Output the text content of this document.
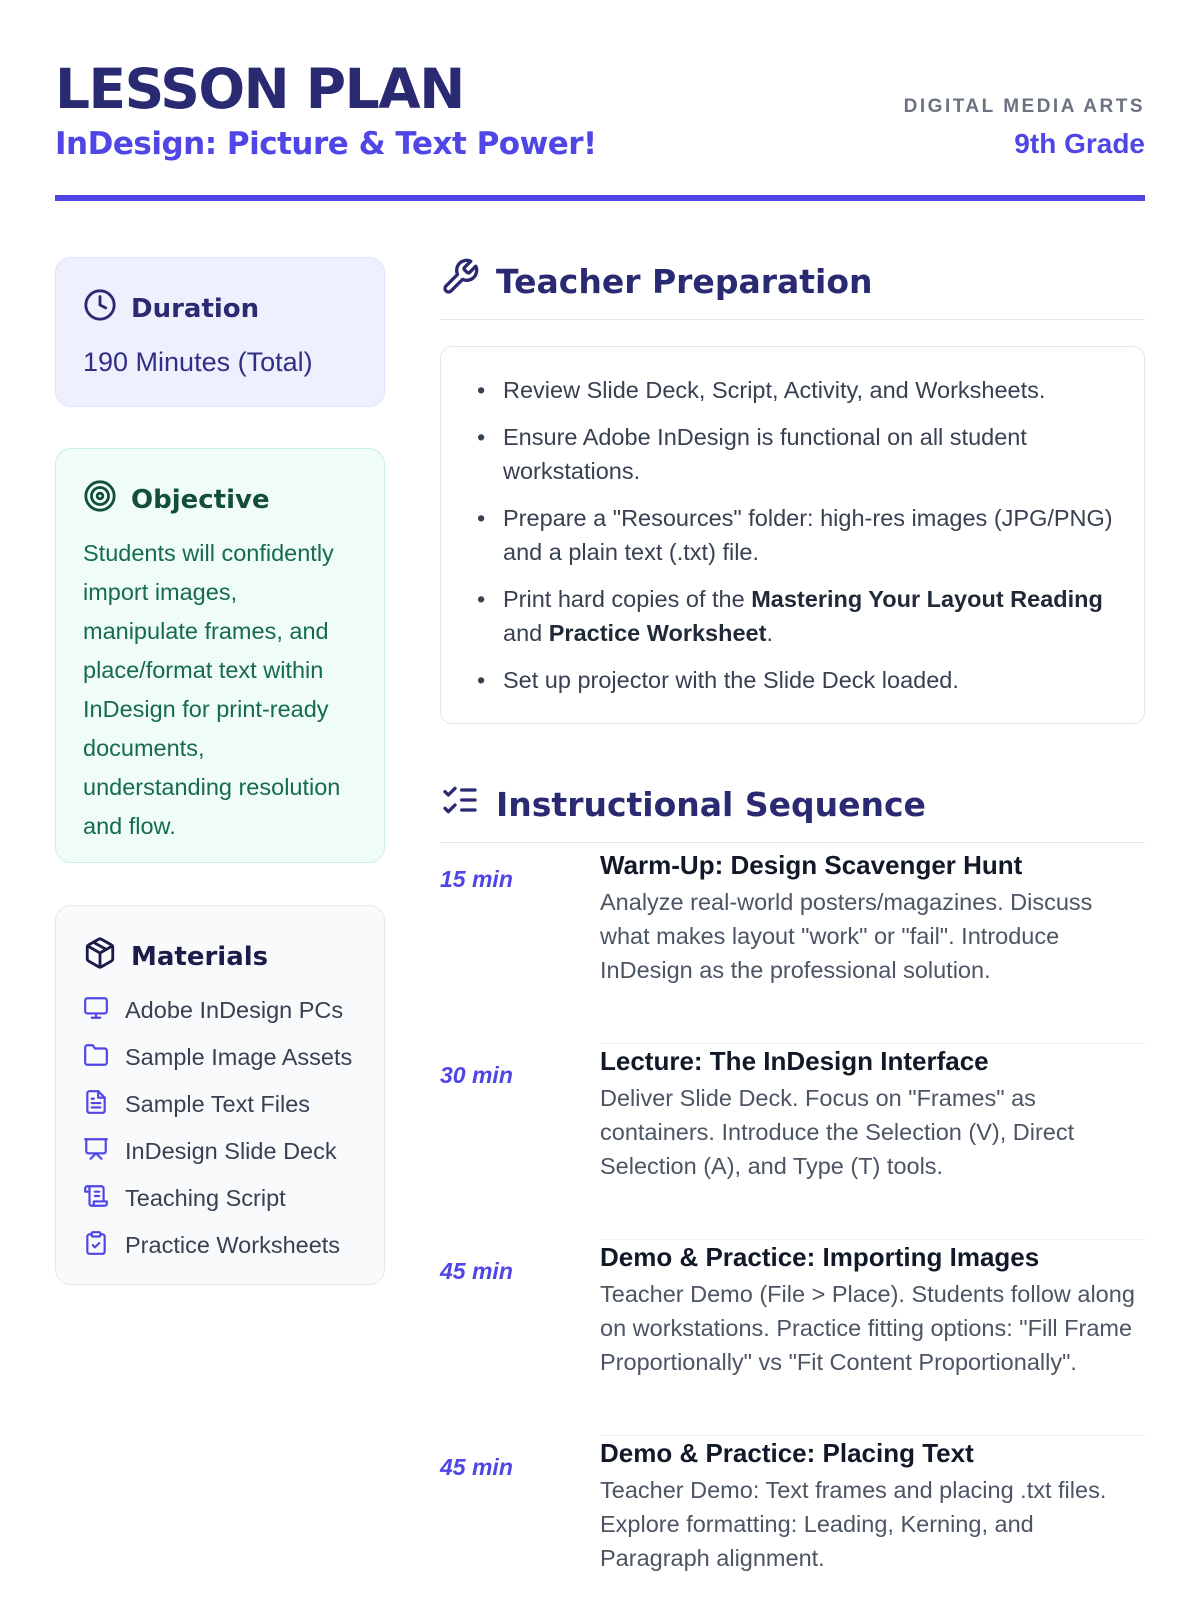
LESSON PLAN
InDesign: Picture & Text Power!
DIGITAL MEDIA ARTS
9th Grade
Duration
190 Minutes (Total)
Objective
Students will confidently import images, manipulate frames, and place/format text within InDesign for print-ready documents, understanding resolution and flow.
Materials
Adobe InDesign PCs
Sample Image Assets
Sample Text Files
InDesign Slide Deck
Teaching Script
Practice Worksheets
Teacher Preparation
• Review Slide Deck, Script, Activity, and Worksheets.
• Ensure Adobe InDesign is functional on all student workstations.
• Prepare a "Resources" folder: high-res images (JPG/PNG) and a plain text (.txt) file.
• Print hard copies of the Mastering Your Layout Reading and Practice Worksheet.
• Set up projector with the Slide Deck loaded.
Instructional Sequence
15 min	Warm-Up: Design Scavenger Hunt
Analyze real-world posters/magazines. Discuss what makes layout "work" or "fail". Introduce InDesign as the professional solution.
30 min	Lecture: The InDesign Interface
Deliver Slide Deck. Focus on "Frames" as containers. Introduce the Selection (V), Direct Selection (A), and Type (T) tools.
45 min	Demo & Practice: Importing Images
Teacher Demo (File > Place). Students follow along on workstations. Practice fitting options: "Fill Frame Proportionally" vs "Fit Content Proportionally".
45 min	Demo & Practice: Placing Text
Teacher Demo: Text frames and placing .txt files. Explore formatting: Leading, Kerning, and Paragraph alignment.
